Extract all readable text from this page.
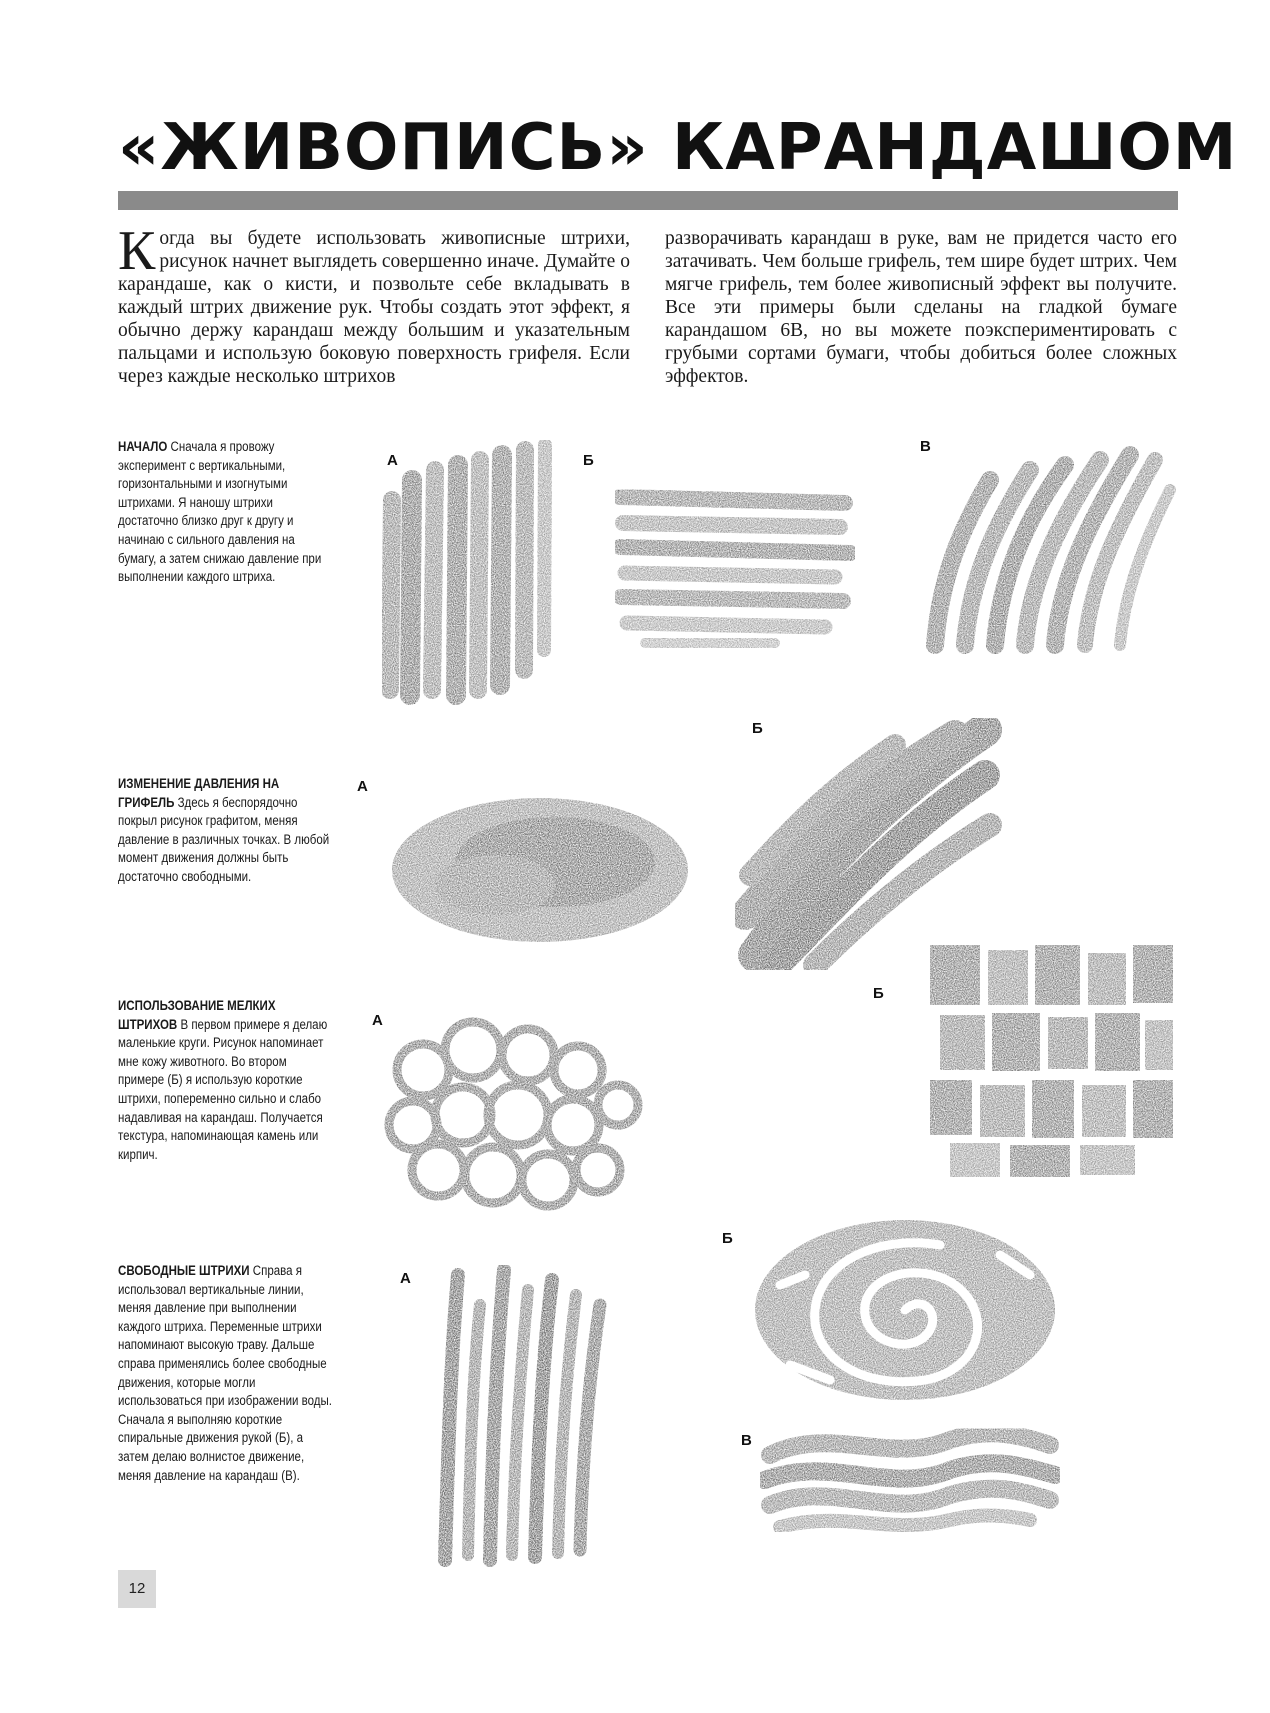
«ЖИВОПИСЬ» КАРАНДАШОМ
К огда вы будете использовать живописные штрихи, рисунок начнет выглядеть совершенно иначе. Думайте о карандаше, как о кисти, и позвольте себе вкладывать в каждый штрих движение рук. Чтобы создать этот эффект, я обычно держу карандаш между большим и указательным пальцами и использую боковую поверхность грифеля. Если через каждые несколько штрихов
разворачивать карандаш в руке, вам не придется часто его затачивать. Чем больше грифель, тем шире будет штрих. Чем мягче грифель, тем более живописный эффект вы получите. Все эти примеры были сделаны на гладкой бумаге карандашом 6В, но вы можете поэкспериментировать с грубыми сортами бумаги, чтобы добиться более сложных эффектов.

НАЧАЛО Сначала я провожу эксперимент с вертикальными, горизонтальными и изогнутыми штрихами. Я наношу штрихи достаточно близко друг к другу и начинаю с сильного давления на бумагу, а затем снижаю давление при выполнении каждого штриха.

А	Б
В

ИЗМЕНЕНИЕ ДАВЛЕНИЯ НА ГРИФЕЛЬ Здесь я беспорядочно покрыл рисунок графитом, меняя давление в различных точках. В любой момент движения должны быть достаточно свободными.

А
Б

ИСПОЛЬЗОВАНИЕ МЕЛКИХ ШТРИХОВ В первом примере я делаю маленькие круги. Рисунок напоминает мне кожу животного. Во втором примере (Б) я использую короткие штрихи, попеременно сильно и слабо надавливая на карандаш. Получается текстура, напоминающая камень или кирпич.

А
Б

СВОБОДНЫЕ ШТРИХИ Справа я использовал вертикальные линии, меняя давление при выполнении каждого штриха. Переменные штрихи напоминают высокую траву. Дальше справа применялись более свободные движения, которые могли использоваться при изображении воды. Сначала я выполняю короткие спиральные движения рукой (Б), а затем делаю волнистое движение, меняя давление на карандаш (В).

А
Б
В
12
